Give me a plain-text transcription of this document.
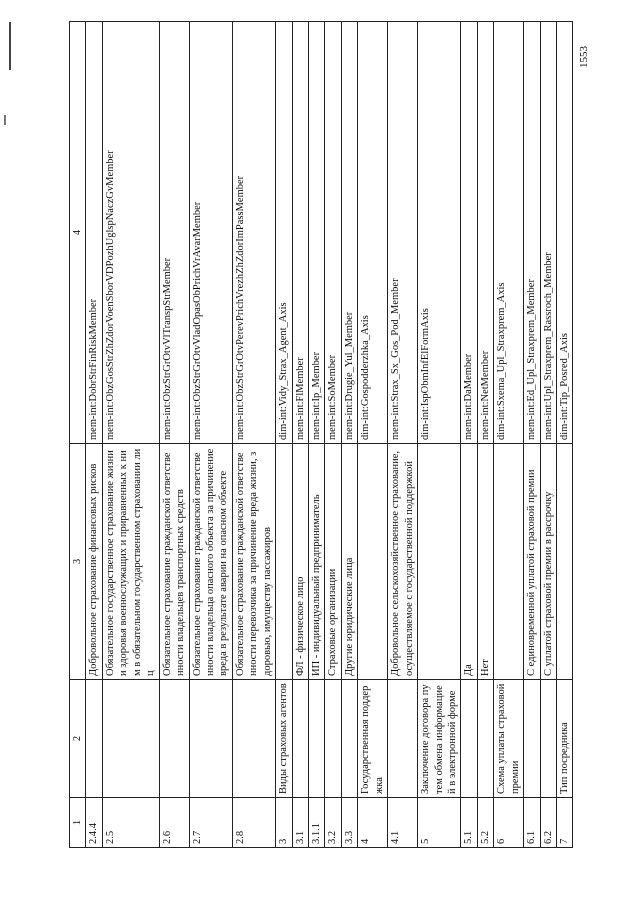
1553
1	2	3	4
2.4.4		Добровольное страхование финансовых рисков	mem-int:DobrStrFinRiskMember
2.5		Обязательное государственное страхование жизни и здоровья военнослужащих и приравненных к ним в обязательном государственном страховании лиц	mem-int:ObzGosStrZhZdorVoenSborVDPozhUglspNaczGvMember
2.6		Обязательное страхование гражданской ответственности владельцев транспортных средств	mem-int:ObzStrGrOtvVlTranspStrMember
2.7		Обязательное страхование гражданской ответственности владельца опасного объекта за причинение вреда в результате аварии на опасном объекте	mem-int:ObzStrGrOtvVladOpasObPrichVrAvarMember
2.8		Обязательное страхование гражданской ответственности перевозчика за причинение вреда жизни, здоровью, имуществу пассажиров	mem-int:ObzStrGrOtvPerevPrichVrezhZhZdorImPassMember
3	Виды страховых агентов		dim-int:Vidy_Strax_Agent_Axis
3.1		ФЛ - физическое лицо	mem-int:FlMember
3.1.1		ИП - индивидуальный предприниматель	mem-int:Ip_Member
3.2		Страховые организации	mem-int:SoMember
3.3		Другие юридические лица	mem-int:Drugie_Yul_Member
4	Государственная поддержка		dim-int:Gospodderzhka_Axis
4.1		Добровольное сельскохозяйственное страхование, осуществляемое с государственной поддержкой	mem-int:Strax_Sx_Gos_Pod_Member
5	Заключение договора путем обмена информацией в электронной форме		dim-int:IspObmInfElFormAxis
5.1		Да	mem-int:DaMember
5.2		Нет	mem-int:NetMember
6	Схема уплаты страховой премии		dim-int:Sxema_Upl_Straxprem_Axis
6.1		С единовременной уплатой страховой премии	mem-int:Ed_Upl_Straxprem_Member
6.2		С уплатой страховой премии в рассрочку	mem-int:Upl_Straxprem_Rassroch_Member
7	Тип посредника		dim-int:Tip_Posred_Axis
